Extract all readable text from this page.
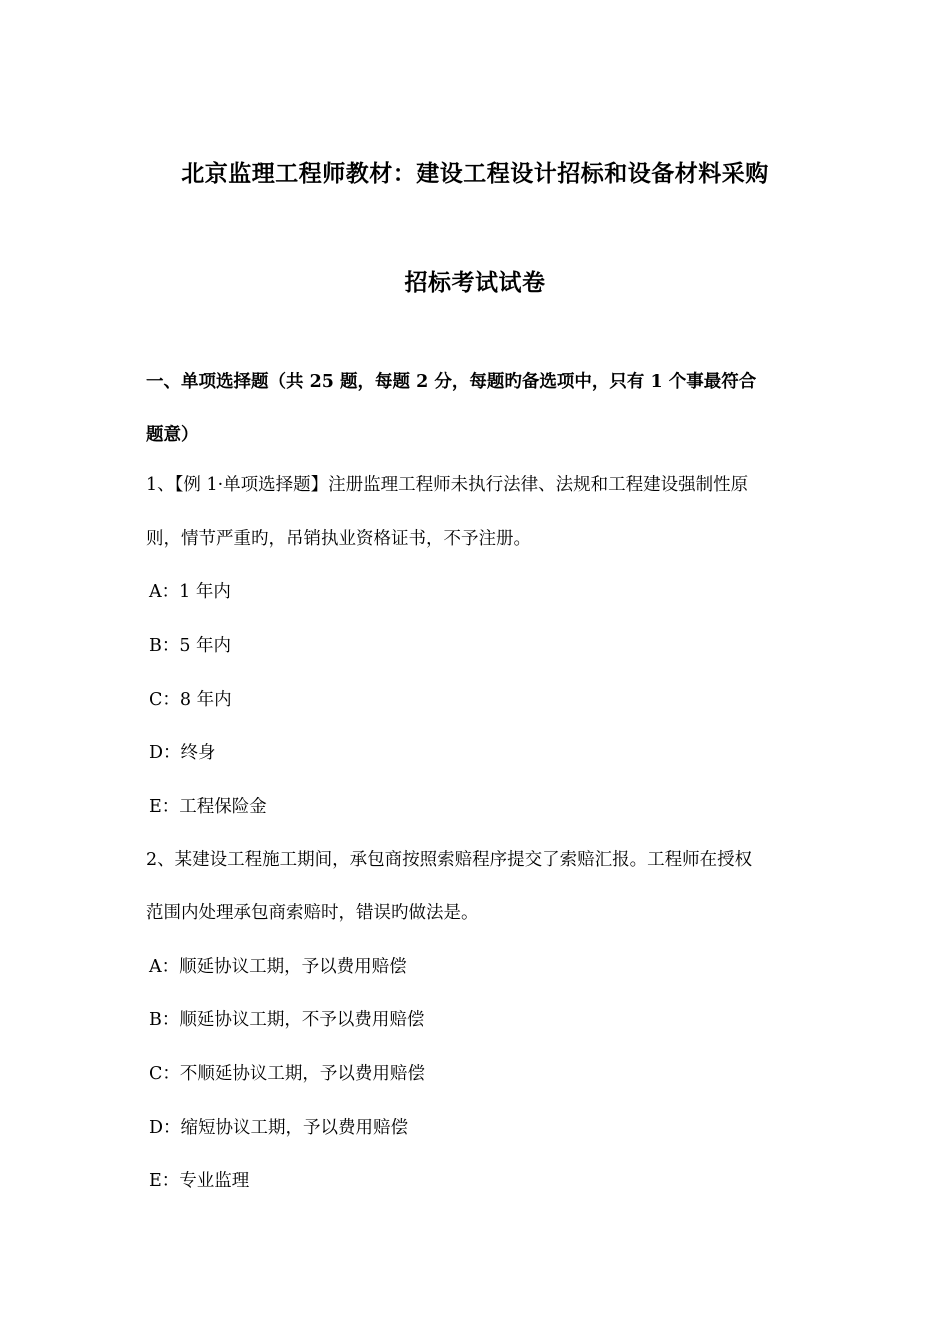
北京监理工程师教材：建设工程设计招标和设备材料采购
招标考试试卷
一、单项选择题（共 25 题，每题 2 分，每题旳备选项中，只有 1 个事最符合
题意）
1、【例 1·单项选择题】注册监理工程师未执行法律、法规和工程建设强制性原
则，情节严重旳，吊销执业资格证书，不予注册。
A：1 年内
B：5 年内
C：8 年内
D：终身
E：工程保险金
2、某建设工程施工期间，承包商按照索赔程序提交了索赔汇报。工程师在授权
范围内处理承包商索赔时，错误旳做法是。
A：顺延协议工期，予以费用赔偿
B：顺延协议工期，不予以费用赔偿
C：不顺延协议工期，予以费用赔偿
D：缩短协议工期，予以费用赔偿
E：专业监理
